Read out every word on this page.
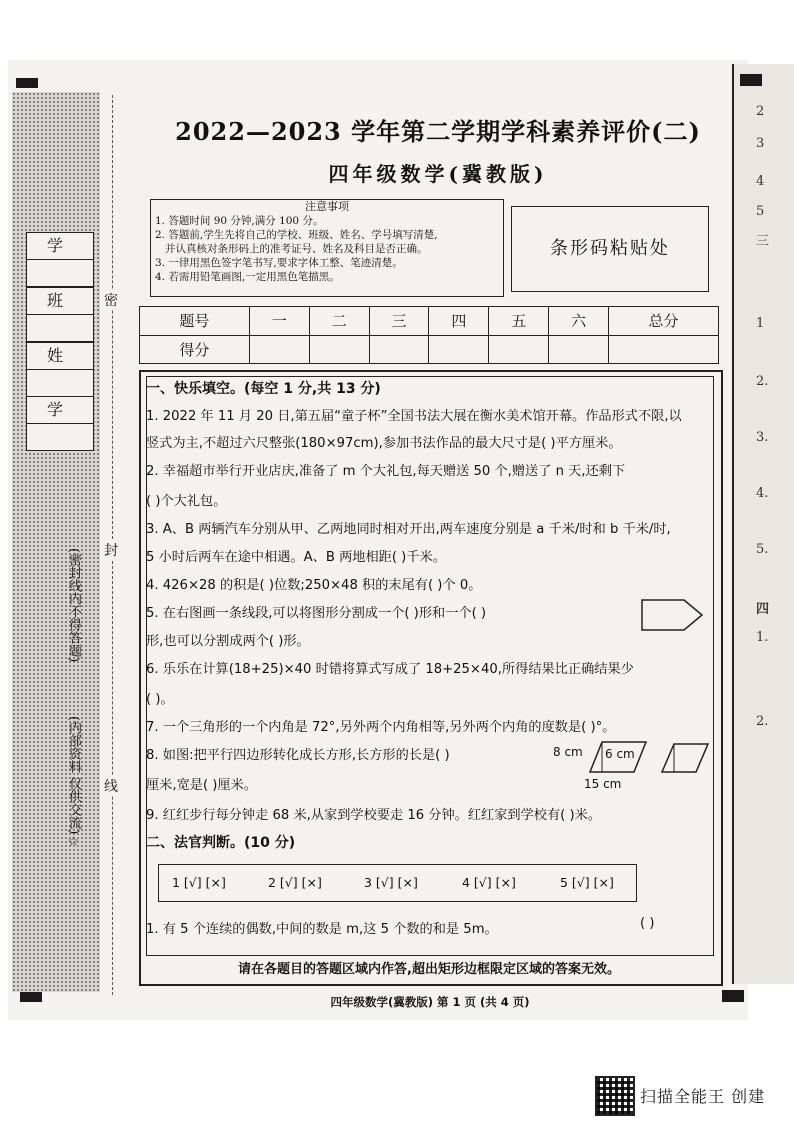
2
3
4
5
三
1
2.
3.
4.
5.
四
1.
2.
学
班
姓
学
(密封线内不得答题)
(内部资料 仅供交流)☆
密
封
线
2022—2023 学年第二学期学科素养评价(二)
四年级数学(冀教版)
注意事项

1. 答题时间 90 分钟,满分 100 分。

2. 答题前,学生先将自己的学校、班级、姓名、学号填写清楚,

并认真核对条形码上的准考证号、姓名及科目是否正确。

3. 一律用黑色签字笔书写,要求字体工整、笔迹清楚。

4. 若需用铅笔画图,一定用黑色笔描黑。

条形码粘贴处
题号	一	二	三	四	五	六	总分
得分							
一、快乐填空。(每空 1 分,共 13 分)
1. 2022 年 11 月 20 日,第五届“童子杯”全国书法大展在衡水美术馆开幕。作品形式不限,以
竖式为主,不超过六尺整张(180×97cm),参加书法作品的最大尺寸是( )平方厘米。
2. 幸福超市举行开业店庆,准备了 m 个大礼包,每天赠送 50 个,赠送了 n 天,还剩下
( )个大礼包。
3. A、B 两辆汽车分别从甲、乙两地同时相对开出,两车速度分别是 a 千米/时和 b 千米/时,
5 小时后两车在途中相遇。A、B 两地相距( )千米。
4. 426×28 的积是( )位数;250×48 积的末尾有( )个 0。
5. 在右图画一条线段,可以将图形分割成一个( )形和一个( )
形,也可以分割成两个( )形。
6. 乐乐在计算(18+25)×40 时错将算式写成了 18+25×40,所得结果比正确结果少
( )。
7. 一个三角形的一个内角是 72°,另外两个内角相等,另外两个内角的度数是( )°。
8. 如图:把平行四边形转化成长方形,长方形的长是( )
厘米,宽是( )厘米。
8 cm 6 cm
15 cm
9. 红红步行每分钟走 68 米,从家到学校要走 16 分钟。红红家到学校有( )米。
二、法官判断。(10 分)
1 [√] [×]	2 [√] [×]	3 [√] [×]	4 [√] [×]	5 [√] [×]
1. 有 5 个连续的偶数,中间的数是 m,这 5 个数的和是 5m。	( )
请在各题目的答题区域内作答,超出矩形边框限定区域的答案无效。
四年级数学(冀教版) 第 1 页 (共 4 页)
扫描全能王 创建
